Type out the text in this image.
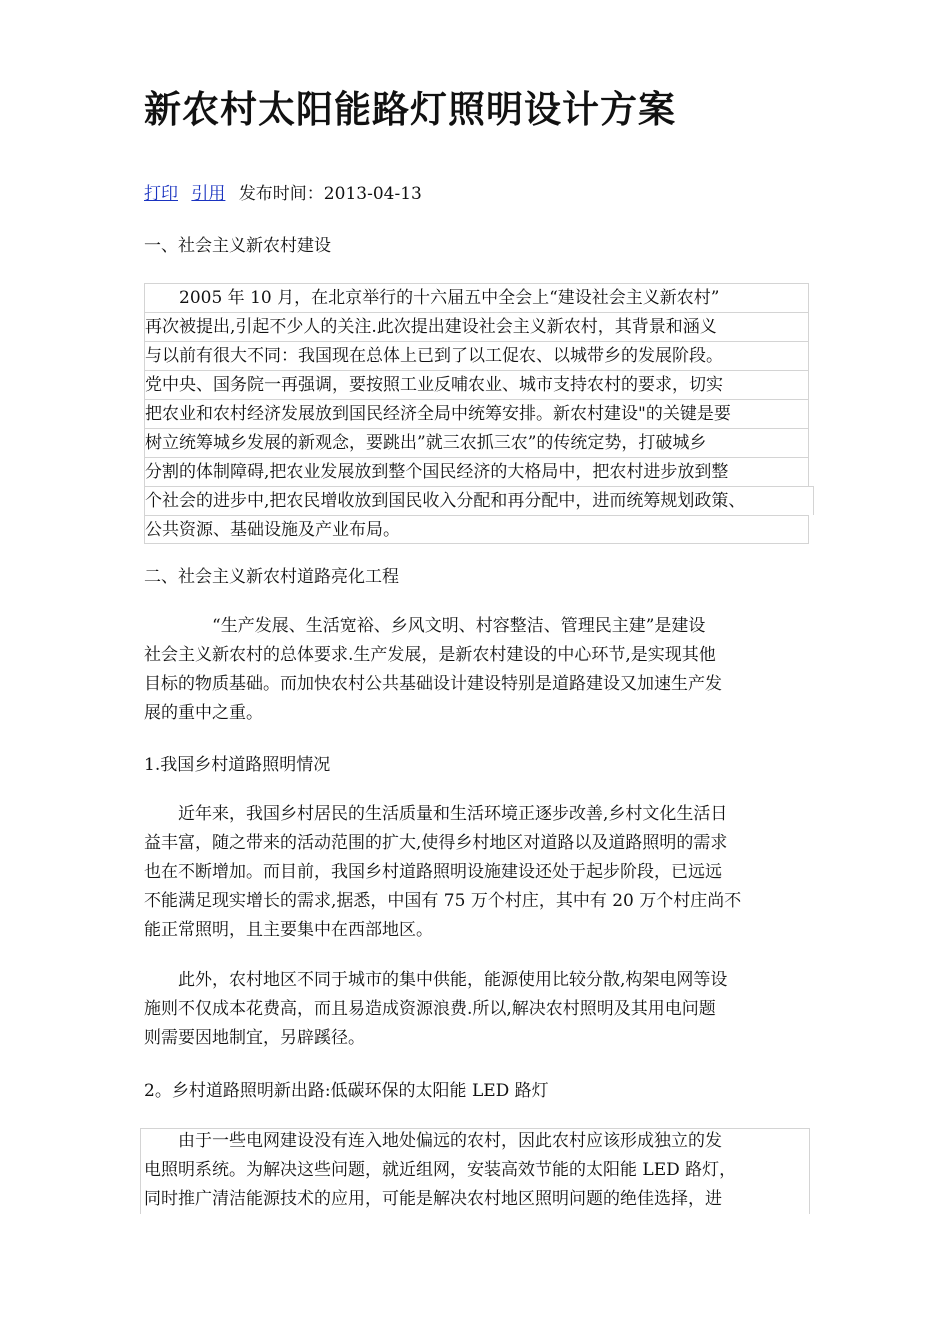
新农村太阳能路灯照明设计方案
打印 引用 发布时间：2013-04-13

一、社会主义新农村建设

　　2005 年 10 月，在北京举行的十六届五中全会上“建设社会主义新农村”
再次被提出,引起不少人的关注.此次提出建设社会主义新农村，其背景和涵义
与以前有很大不同：我国现在总体上已到了以工促农、以城带乡的发展阶段。
党中央、国务院一再强调，要按照工业反哺农业、城市支持农村的要求，切实
把农业和农村经济发展放到国民经济全局中统筹安排。新农村建设"的关键是要
树立统筹城乡发展的新观念，要跳出”就三农抓三农”的传统定势，打破城乡
分割的体制障碍,把农业发展放到整个国民经济的大格局中，把农村进步放到整
个社会的进步中,把农民增收放到国民收入分配和再分配中，进而统筹规划政策、
公共资源、基础设施及产业布局。

二、社会主义新农村道路亮化工程

　　　　“生产发展、生活宽裕、乡风文明、村容整洁、管理民主建”是建设
社会主义新农村的总体要求.生产发展，是新农村建设的中心环节,是实现其他
目标的物质基础。而加快农村公共基础设计建设特别是道路建设又加速生产发
展的重中之重。

1.我国乡村道路照明情况

　　近年来，我国乡村居民的生活质量和生活环境正逐步改善,乡村文化生活日
益丰富，随之带来的活动范围的扩大,使得乡村地区对道路以及道路照明的需求
也在不断增加。而目前，我国乡村道路照明设施建设还处于起步阶段，已远远
不能满足现实增长的需求,据悉，中国有 75 万个村庄，其中有 20 万个村庄尚不
能正常照明，且主要集中在西部地区。
　　此外，农村地区不同于城市的集中供能，能源使用比较分散,构架电网等设
施则不仅成本花费高，而且易造成资源浪费.所以,解决农村照明及其用电问题
则需要因地制宜，另辟蹊径。

2。乡村道路照明新出路:低碳环保的太阳能 LED 路灯

　　由于一些电网建设没有连入地处偏远的农村，因此农村应该形成独立的发
电照明系统。为解决这些问题，就近组网，安装高效节能的太阳能 LED 路灯，
同时推广清洁能源技术的应用，可能是解决农村地区照明问题的绝佳选择，进
